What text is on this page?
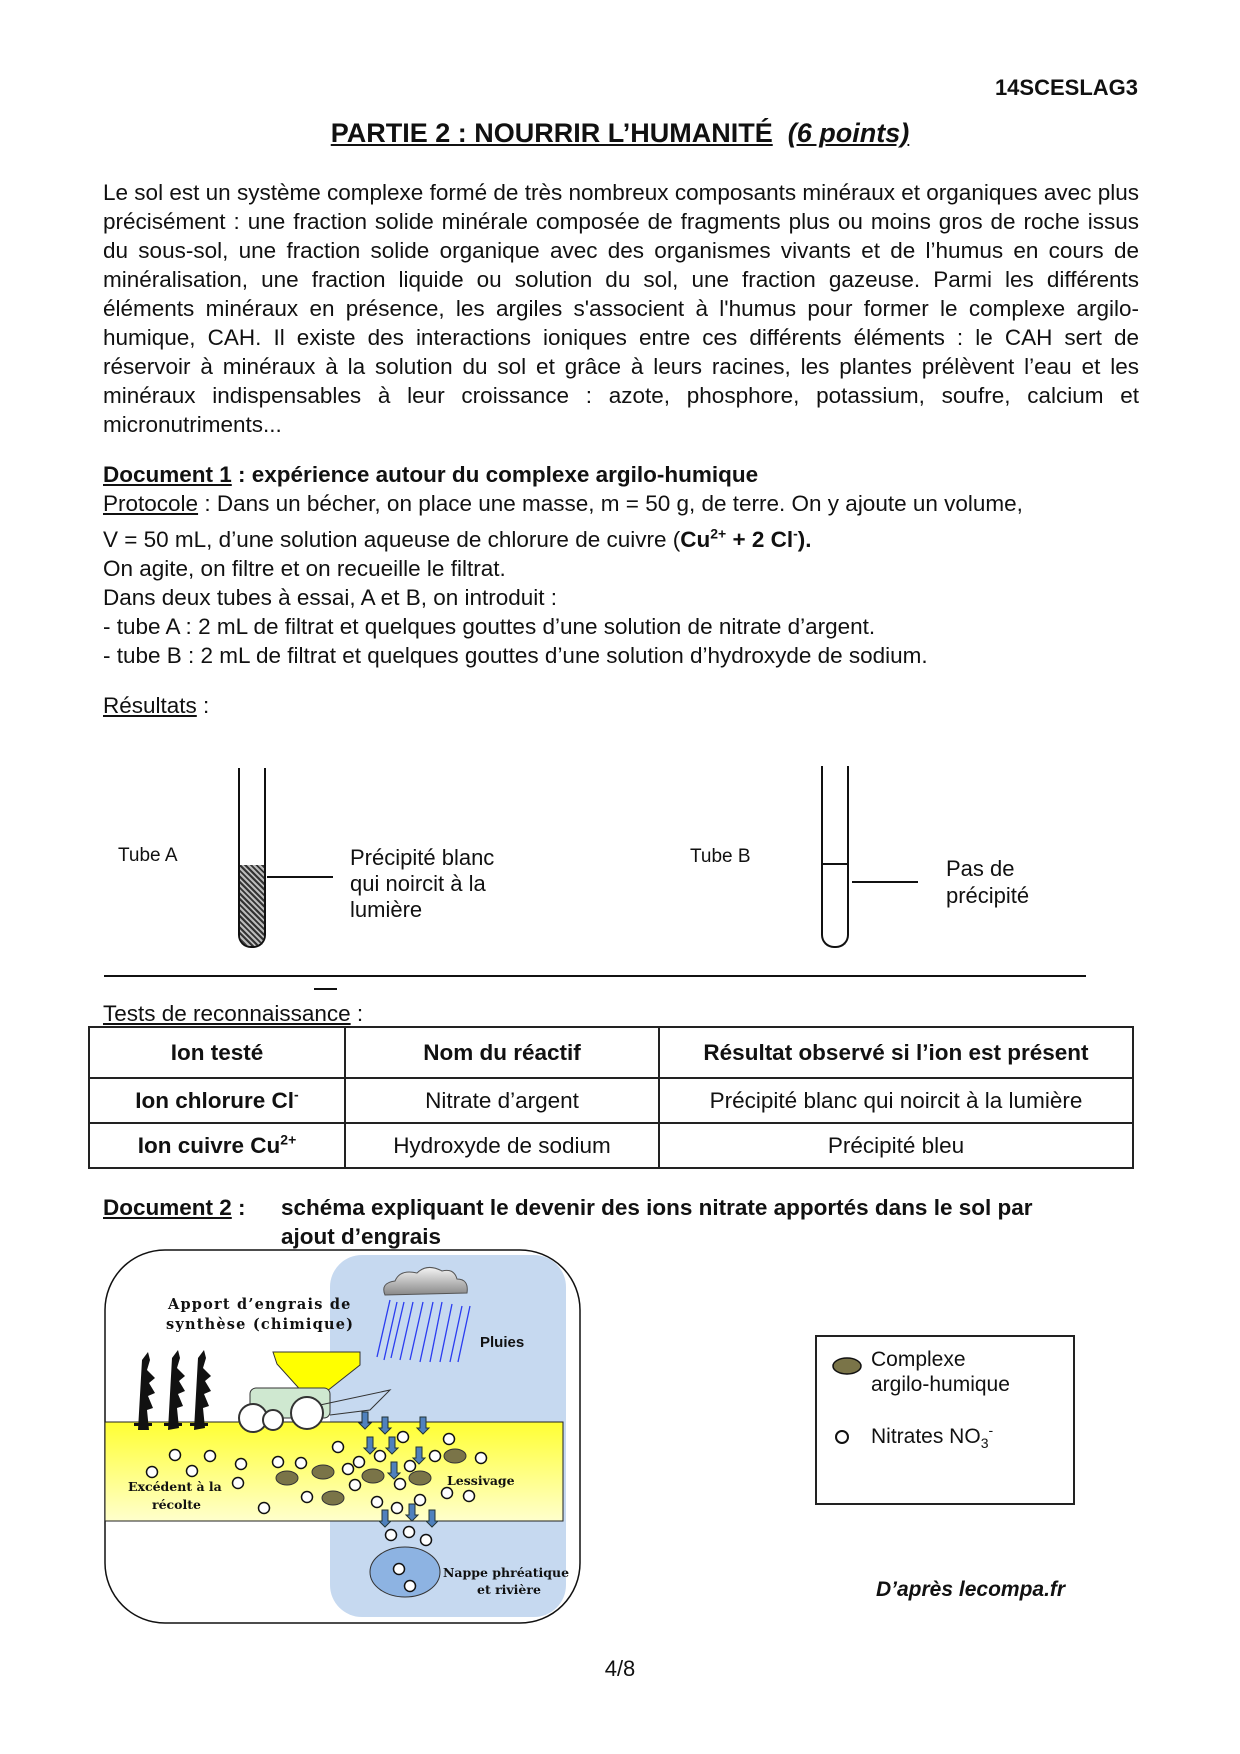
14SCESLAG3
PARTIE 2 : NOURRIR L’HUMANITÉ (6 points)
Le sol est un système complexe formé de très nombreux composants minéraux et organiques avec plus précisément : une fraction solide minérale composée de fragments plus ou moins gros de roche issus du sous-sol, une fraction solide organique avec des organismes vivants et de l’humus en cours de minéralisation, une fraction liquide ou solution du sol, une fraction gazeuse. Parmi les différents éléments minéraux en présence, les argiles s'associent à l'humus pour former le complexe argilo-humique, CAH. Il existe des interactions ioniques entre ces différents éléments : le CAH sert de réservoir à minéraux à la solution du sol et grâce à leurs racines, les plantes prélèvent l’eau et les minéraux indispensables à leur croissance : azote, phosphore, potassium, soufre, calcium et micronutriments...
Document 1 : expérience autour du complexe argilo-humique
Protocole : Dans un bécher, on place une masse, m = 50 g, de terre. On y ajoute un volume,
V = 50 mL, d’une solution aqueuse de chlorure de cuivre ($Cu^{2+} + 2$ Cl-).
On agite, on filtre et on recueille le filtrat.
Dans deux tubes à essai, A et B, on introduit :
- tube A : 2 mL de filtrat et quelques gouttes d’une solution de nitrate d’argent.
- tube B : 2 mL de filtrat et quelques gouttes d’une solution d’hydroxyde de sodium.
Résultats :
Tube A	Précipité blanc
qui noircit à la
lumière
Tube B	Pas de
précipité
Tests de reconnaissance :
Ion testé	Nom du réactif	Résultat observé si l’ion est présent
Ion chlorure Cl-	Nitrate d’argent	Précipité blanc qui noircit à la lumière
Ion cuivre $Cu^{2+}$	Hydroxyde de sodium	Précipité bleu
Document 2 : schéma expliquant le devenir des ions nitrate apportés dans le sol par
ajout d’engrais
Apport d’engrais de
synthèse (chimique)
Pluies
Excédent à la
récolte
Lessivage
Nappe phréatique
et rivière
Complexe
argilo-humique
Nitrates $NO_3^-$
D’après lecompa.fr
4/8
